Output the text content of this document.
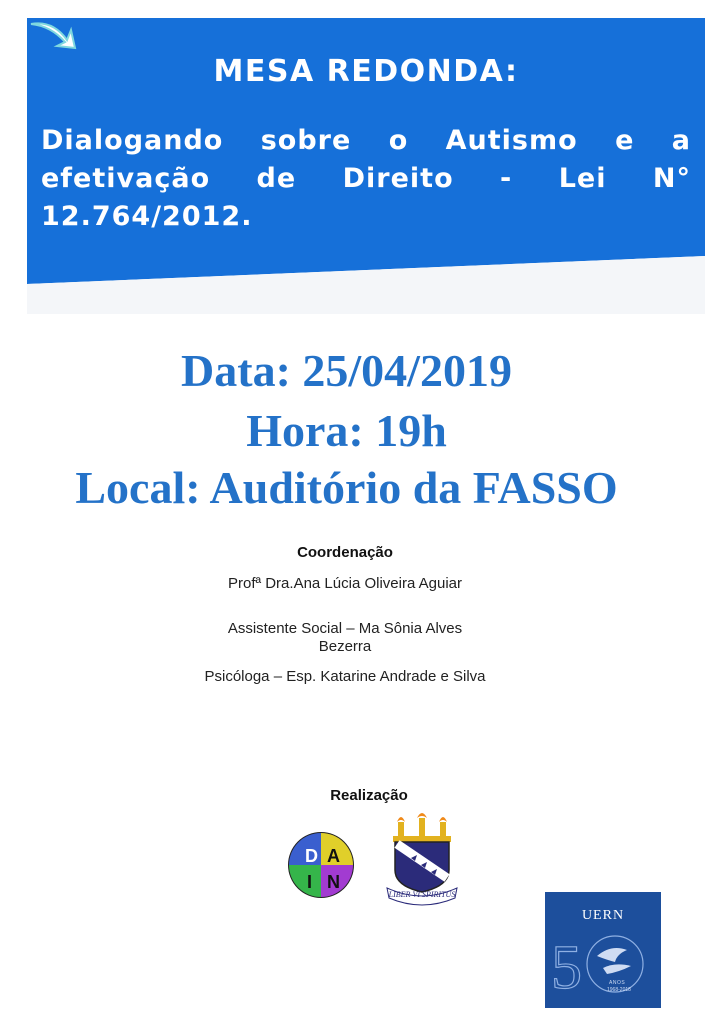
MESA REDONDA:
Dialogando sobre o Autismo e a efetivação de Direito - Lei N° 12.764/2012.
Data: 25/04/2019
Hora: 19h
Local: Auditório da FASSO
Coordenação
Profª Dra.Ana Lúcia Oliveira Aguiar
Assistente Social – Ma Sônia Alves
Bezerra
Psicóloga – Esp. Katarine Andrade e Silva
Realização
D A
I N
LIBER VI SPIRITUS
UERN
5	ANOS
1968-2018
